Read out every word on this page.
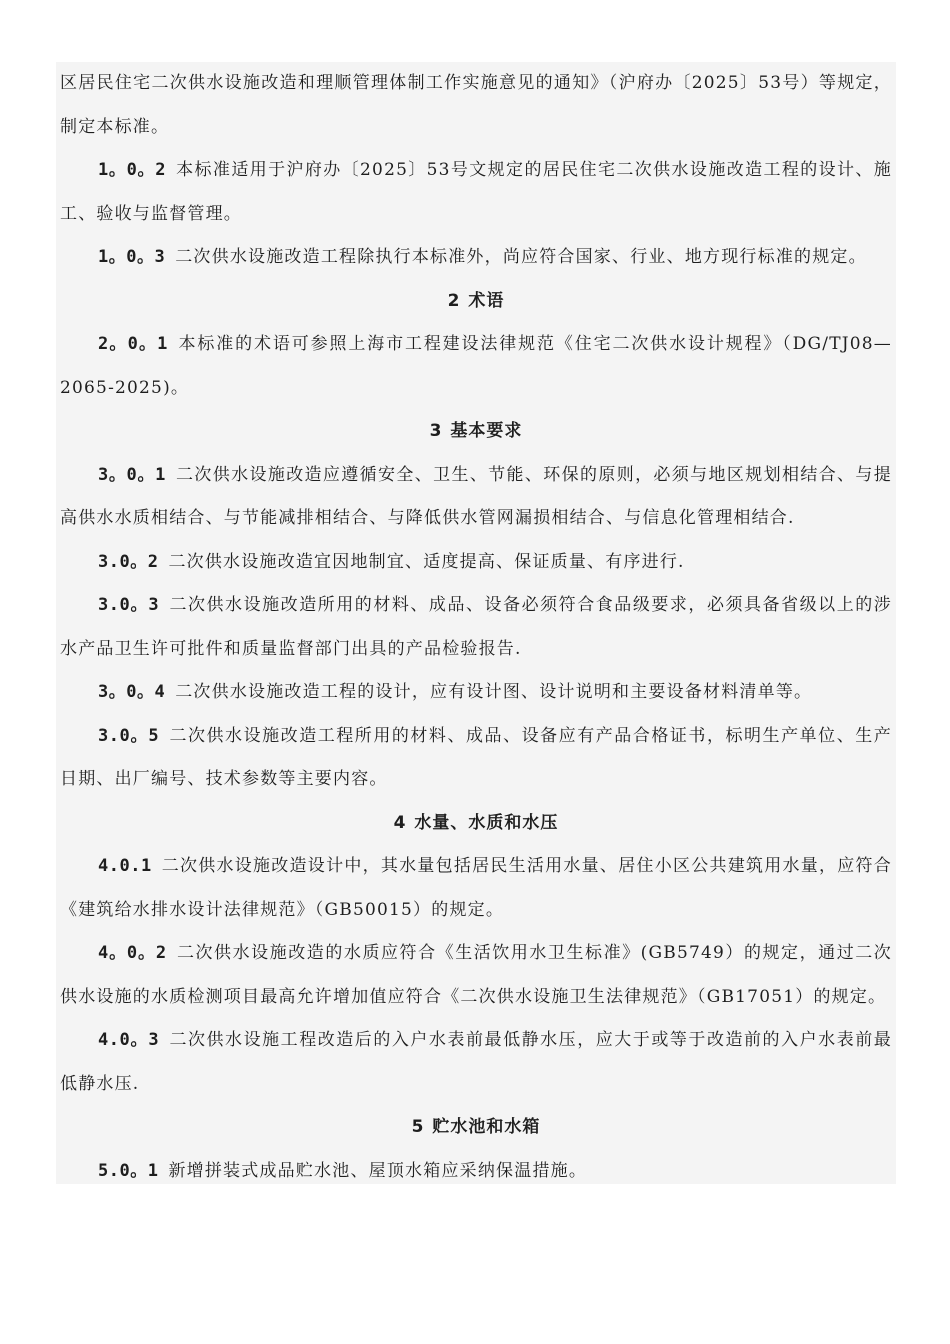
区居民住宅二次供水设施改造和理顺管理体制工作实施意见的通知》（沪府办〔2025〕53号）等规定，制定本标准。

1。0。2 本标准适用于沪府办〔2025〕53号文规定的居民住宅二次供水设施改造工程的设计、施工、验收与监督管理。

1。0。3 二次供水设施改造工程除执行本标准外，尚应符合国家、行业、地方现行标准的规定。

2 术语

2。0。1 本标准的术语可参照上海市工程建设法律规范《住宅二次供水设计规程》（DG/TJ08—2065-2025)。

3 基本要求

3。0。1 二次供水设施改造应遵循安全、卫生、节能、环保的原则，必须与地区规划相结合、与提高供水水质相结合、与节能减排相结合、与降低供水管网漏损相结合、与信息化管理相结合.

3.0。2 二次供水设施改造宜因地制宜、适度提高、保证质量、有序进行.

3.0。3 二次供水设施改造所用的材料、成品、设备必须符合食品级要求，必须具备省级以上的涉水产品卫生许可批件和质量监督部门出具的产品检验报告.

3。0。4 二次供水设施改造工程的设计，应有设计图、设计说明和主要设备材料清单等。

3.0。5 二次供水设施改造工程所用的材料、成品、设备应有产品合格证书，标明生产单位、生产日期、出厂编号、技术参数等主要内容。

4 水量、水质和水压

4.0.1 二次供水设施改造设计中，其水量包括居民生活用水量、居住小区公共建筑用水量，应符合《建筑给水排水设计法律规范》（GB50015）的规定。

4。0。2 二次供水设施改造的水质应符合《生活饮用水卫生标准》(GB5749）的规定，通过二次供水设施的水质检测项目最高允许增加值应符合《二次供水设施卫生法律规范》（GB17051）的规定。

4.0。3 二次供水设施工程改造后的入户水表前最低静水压，应大于或等于改造前的入户水表前最低静水压.

5 贮水池和水箱

5.0。1 新增拼装式成品贮水池、屋顶水箱应采纳保温措施。
